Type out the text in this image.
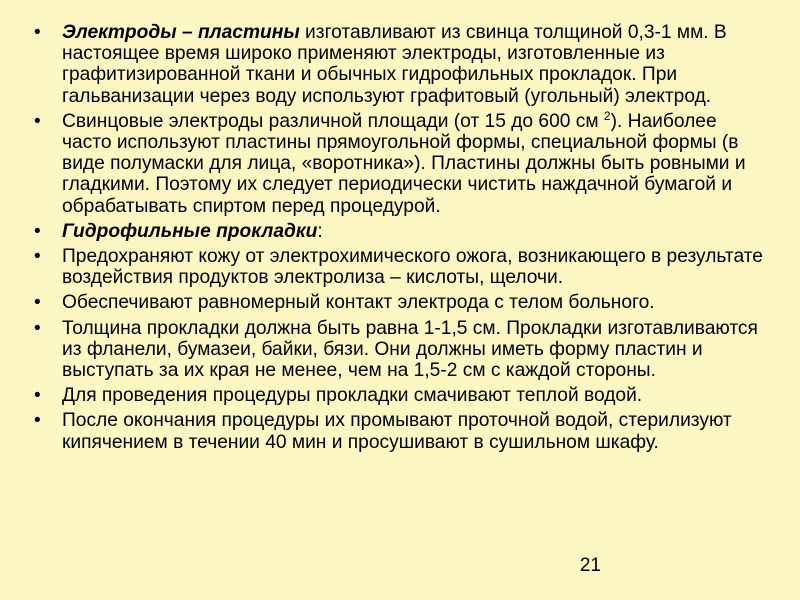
• Электроды – пластины изготавливают из свинца толщиной 0,3-1 мм. В настоящее время широко применяют электроды, изготовленные из графитизированной ткани и обычных гидрофильных прокладок. При гальванизации через воду используют графитовый (угольный) электрод.
• Свинцовые электроды различной площади (от 15 до 600 см $^2$). Наиболее часто используют пластины прямоугольной формы, специальной формы (в виде полумаски для лица, «воротника»). Пластины должны быть ровными и гладкими. Поэтому их следует периодически чистить наждачной бумагой и обрабатывать спиртом перед процедурой.
• Гидрофильные прокладки:
• Предохраняют кожу от электрохимического ожога, возникающего в результате воздействия продуктов электролиза – кислоты, щелочи.
• Обеспечивают равномерный контакт электрода с телом больного.
• Толщина прокладки должна быть равна 1-1,5 см. Прокладки изготавливаются из фланели, бумазеи, байки, бязи. Они должны иметь форму пластин и выступать за их края не менее, чем на 1,5-2 см с каждой стороны.
• Для проведения процедуры прокладки смачивают теплой водой.
• После окончания процедуры их промывают проточной водой, стерилизуют кипячением в течении 40 мин и просушивают в сушильном шкафу.
21
